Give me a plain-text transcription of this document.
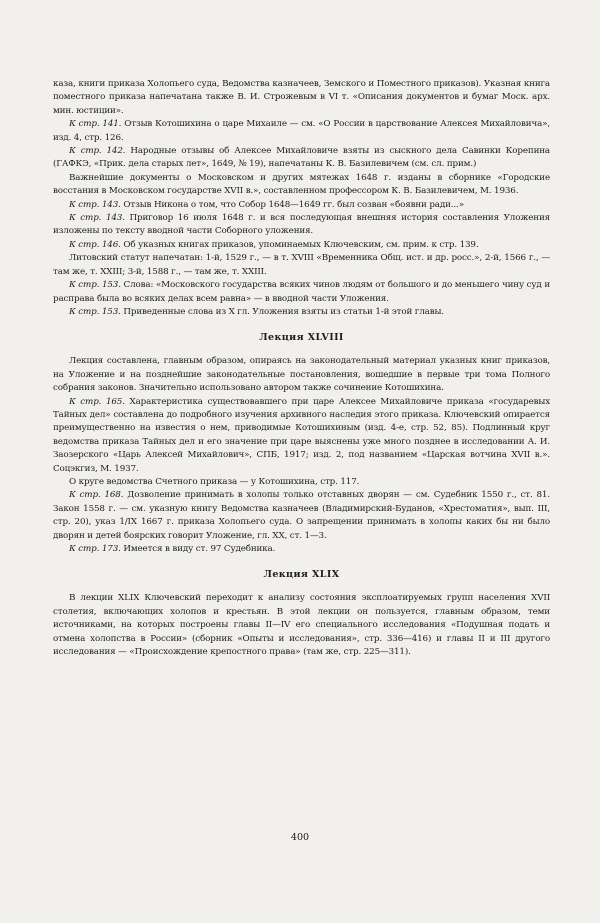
каза, книги приказа Холопьего суда, Ведомства казначеев, Земского и Поместного приказов). Указная книга поместного приказа напечатана также В. И. Строжевым в VI т. «Описания документов и бумаг Моск. арх. мин. юстиции».

К стр. 141. Отзыв Котошихина о царе Михаиле — см. «О России в царствование Алексея Михайловича», изд. 4, стр. 126.

К стр. 142. Народные отзывы об Алексее Михайловиче взяты из сыскного дела Савинки Корепина (ГАФКЭ, «Прик. дела старых лет», 1649, № 19), напечатаны К. В. Базилевичем (см. сл. прим.)

Важнейшие документы о Московском и других мятежах 1648 г. изданы в сборнике «Городские восстания в Московском государстве XVII в.», составленном профессором К. В. Базилевичем, М. 1936.

К стр. 143. Отзыв Никона о том, что Собор 1648—1649 гг. был созван «боявни ради...»

К стр. 143. Приговор 16 июля 1648 г. и вся последующая внешняя история составления Уложения изложены по тексту вводной части Соборного уложения.

К стр. 146. Об указных книгах приказов, упоминаемых Ключевским, см. прим. к стр. 139.

Литовский статут напечатан: 1-й, 1529 г., — в т. XVIII «Временника Общ. ист. и др. росс.», 2-й, 1566 г., — там же, т. XXIII; 3-й, 1588 г., — там же, т. XXIII.

К стр. 153. Слова: «Московского государства всяких чинов людям от большого и до меньшего чину суд и расправа была во всяких делах всем равна» — в вводной части Уложения.

К стр. 153. Приведенные слова из X гл. Уложения взяты из статьи 1-й этой главы.

Лекция XLVIII

Лекция составлена, главным образом, опираясь на законодательный материал указных книг приказов, на Уложение и на позднейшие законодательные постановления, вошедшие в первые три тома Полного собрания законов. Значительно использовано автором также сочинение Котошихина.

К стр. 165. Характеристика существовавшего при царе Алексее Михайловиче приказа «государевых Тайных дел» составлена до подробного изучения архивного наследия этого приказа. Ключевский опирается преимущественно на известия о нем, приводимые Котошихиным (изд. 4-е, стр. 52, 85). Подлинный круг ведомства приказа Тайных дел и его значение при царе выяснены уже много позднее в исследовании А. И. Заозерского «Царь Алексей Михайлович», СПБ, 1917; изд. 2, под названием «Царская вотчина XVII в.». Соцэкгиз, М. 1937.

О круге ведомства Счетного приказа — у Котошихина, стр. 117.

К стр. 168. Дозволение принимать в холопы только отставных дворян — см. Судебник 1550 г., ст. 81. Закон 1558 г. — см. указную книгу Ведомства казначеев (Владимирский-Буданов, «Хрестоматия», вып. III, стр. 20), указ 1/IX 1667 г. приказа Холопьего суда. О запрещении принимать в холопы каких бы ни было дворян и детей боярских говорит Уложение, гл. XX, ст. 1—3.

К стр. 173. Имеется в виду ст. 97 Судебника.

Лекция XLIX

В лекции XLIX Ключевский переходит к анализу состояния эксплоатируемых групп населения XVII столетия, включающих холопов и крестьян. В этой лекции он пользуется, главным образом, теми источниками, на которых построены главы II—IV его специального исследования «Подушная подать и отмена холопства в России» (сборник «Опыты и исследования», стр. 336—416) и главы II и III другого исследования — «Происхождение крепостного права» (там же, стр. 225—311).

400
